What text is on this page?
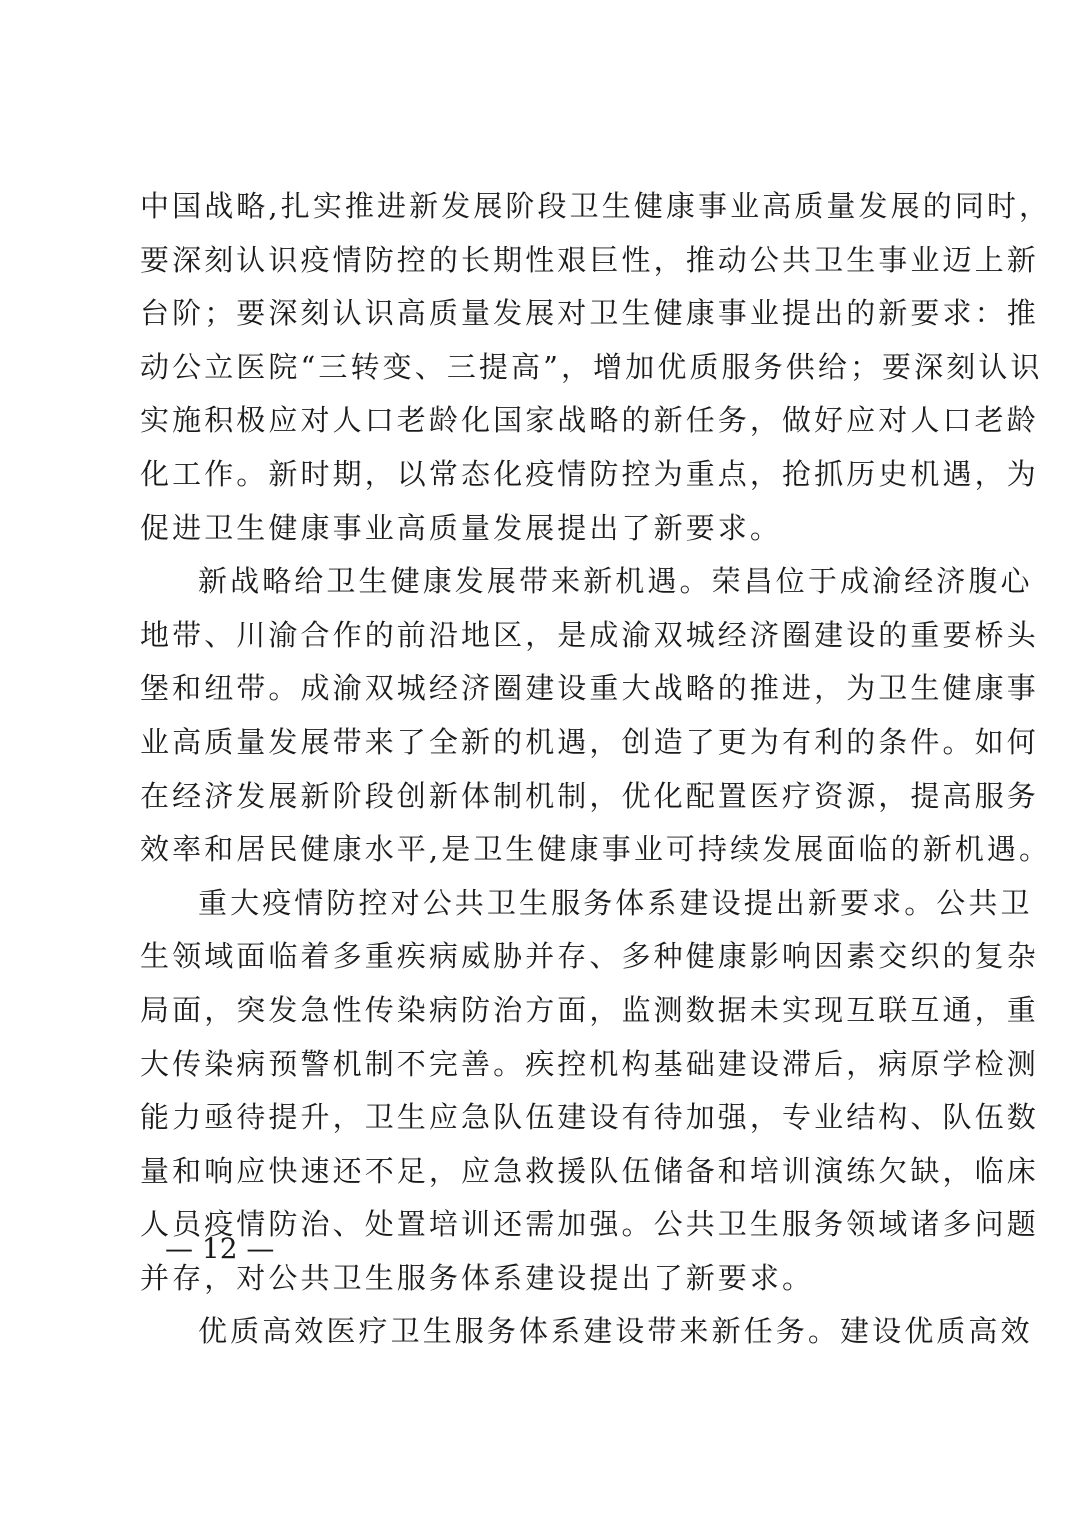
中国战略,扎实推进新发展阶段卫生健康事业高质量发展的同时，
要深刻认识疫情防控的长期性艰巨性，推动公共卫生事业迈上新
台阶；要深刻认识高质量发展对卫生健康事业提出的新要求：推
动公立医院“三转变、三提高”，增加优质服务供给；要深刻认识
实施积极应对人口老龄化国家战略的新任务，做好应对人口老龄
化工作。新时期，以常态化疫情防控为重点，抢抓历史机遇，为
促进卫生健康事业高质量发展提出了新要求。
新战略给卫生健康发展带来新机遇。荣昌位于成渝经济腹心
地带、川渝合作的前沿地区，是成渝双城经济圈建设的重要桥头
堡和纽带。成渝双城经济圈建设重大战略的推进，为卫生健康事
业高质量发展带来了全新的机遇，创造了更为有利的条件。如何
在经济发展新阶段创新体制机制，优化配置医疗资源，提高服务
效率和居民健康水平,是卫生健康事业可持续发展面临的新机遇。
重大疫情防控对公共卫生服务体系建设提出新要求。公共卫
生领域面临着多重疾病威胁并存、多种健康影响因素交织的复杂
局面，突发急性传染病防治方面，监测数据未实现互联互通，重
大传染病预警机制不完善。疾控机构基础建设滞后，病原学检测
能力亟待提升，卫生应急队伍建设有待加强，专业结构、队伍数
量和响应快速还不足，应急救援队伍储备和培训演练欠缺，临床
人员疫情防治、处置培训还需加强。公共卫生服务领域诸多问题
并存，对公共卫生服务体系建设提出了新要求。
优质高效医疗卫生服务体系建设带来新任务。建设优质高效
— 12 —
